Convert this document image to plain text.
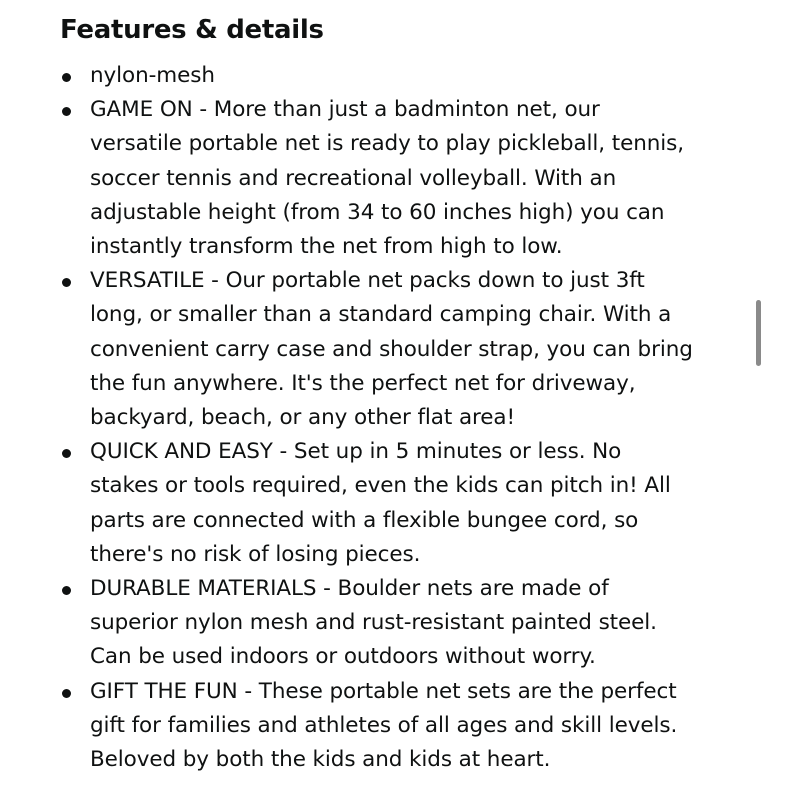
Features & details
nylon-mesh
GAME ON - More than just a badminton net, our
versatile portable net is ready to play pickleball, tennis,
soccer tennis and recreational volleyball. With an
adjustable height (from 34 to 60 inches high) you can
instantly transform the net from high to low.
VERSATILE - Our portable net packs down to just 3ft
long, or smaller than a standard camping chair. With a
convenient carry case and shoulder strap, you can bring
the fun anywhere. It's the perfect net for driveway,
backyard, beach, or any other flat area!
QUICK AND EASY - Set up in 5 minutes or less. No
stakes or tools required, even the kids can pitch in! All
parts are connected with a flexible bungee cord, so
there's no risk of losing pieces.
DURABLE MATERIALS - Boulder nets are made of
superior nylon mesh and rust-resistant painted steel.
Can be used indoors or outdoors without worry.
GIFT THE FUN - These portable net sets are the perfect
gift for families and athletes of all ages and skill levels.
Beloved by both the kids and kids at heart.
